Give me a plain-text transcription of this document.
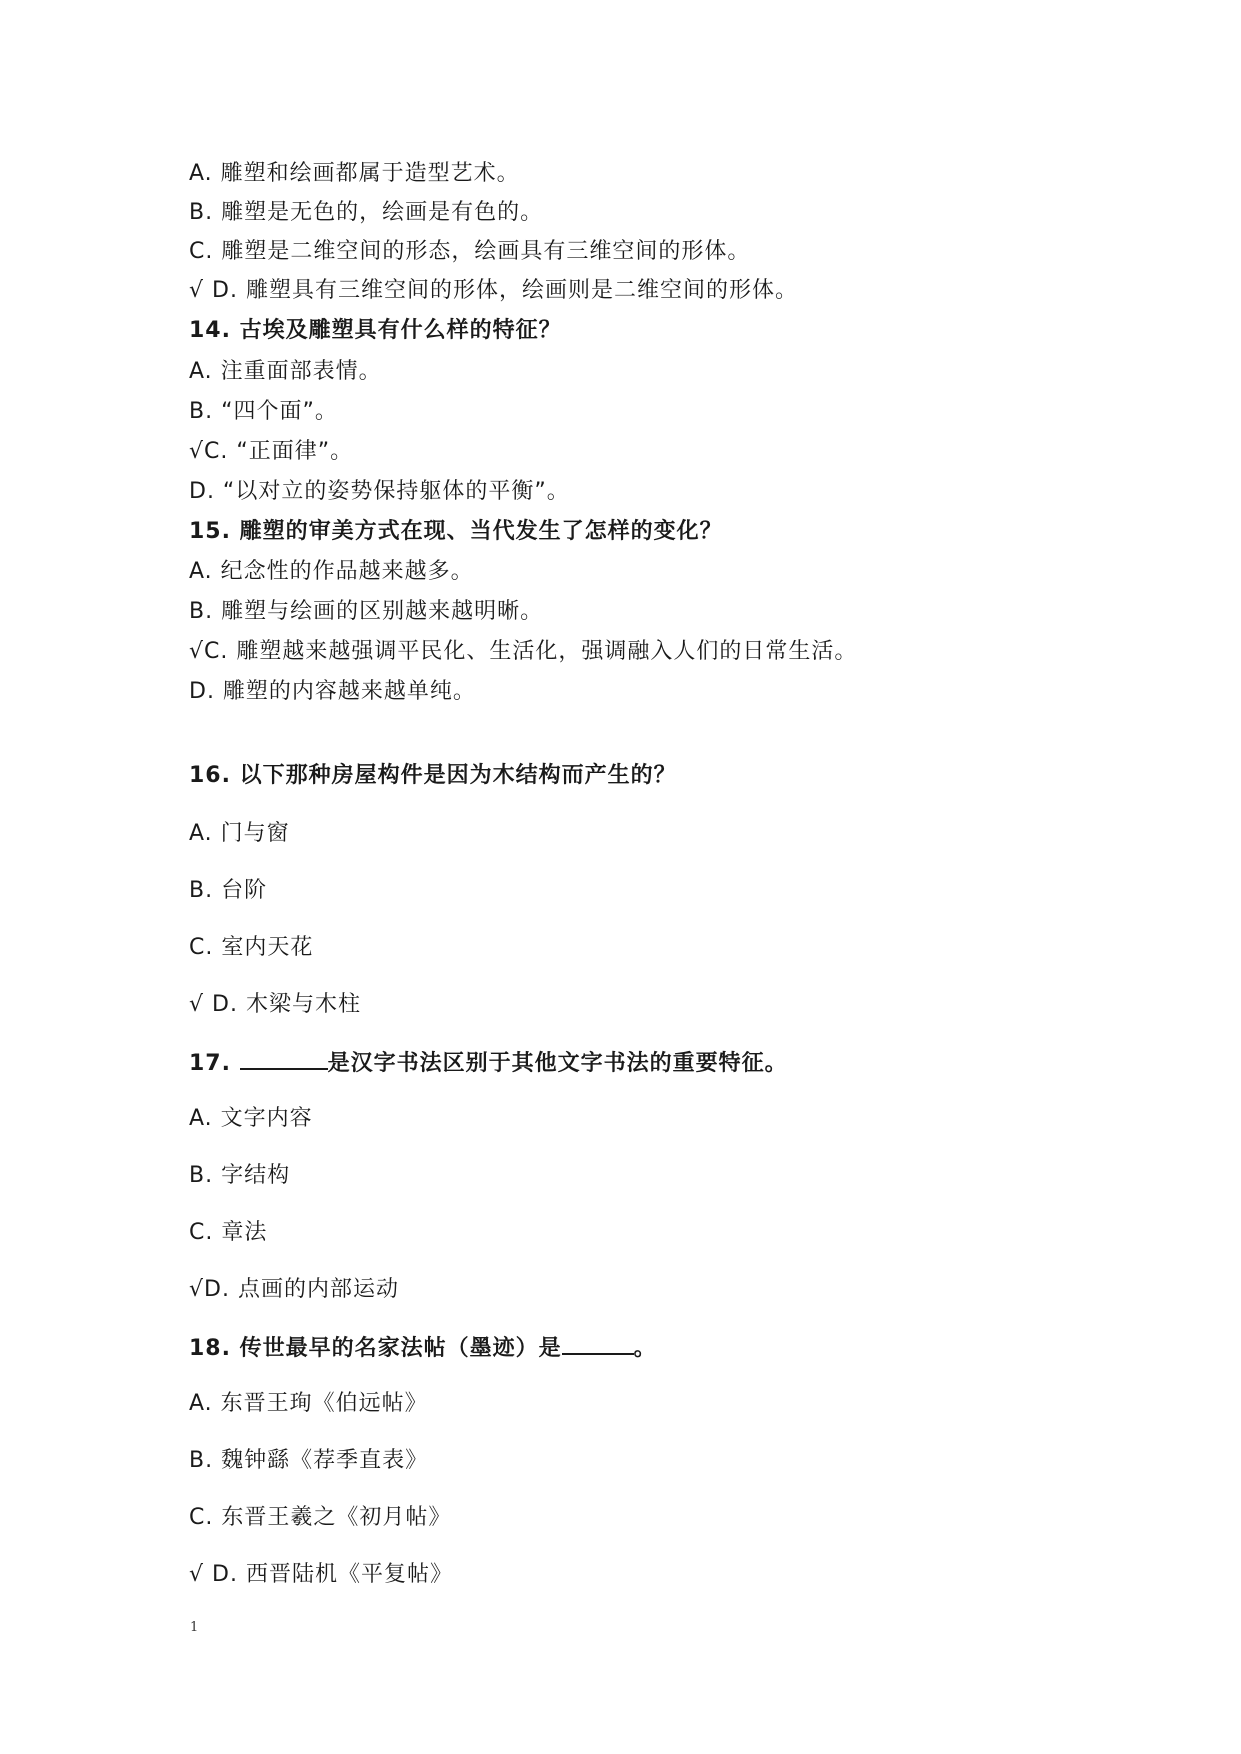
A. 雕塑和绘画都属于造型艺术。
B. 雕塑是无色的，绘画是有色的。
C. 雕塑是二维空间的形态，绘画具有三维空间的形体。
√ D. 雕塑具有三维空间的形体，绘画则是二维空间的形体。
14. 古埃及雕塑具有什么样的特征？
A. 注重面部表情。
B. “四个面”。
√C. “正面律”。
D. “以对立的姿势保持躯体的平衡”。
15. 雕塑的审美方式在现、当代发生了怎样的变化？
A. 纪念性的作品越来越多。
B. 雕塑与绘画的区别越来越明晰。
√C. 雕塑越来越强调平民化、生活化，强调融入人们的日常生活。
D. 雕塑的内容越来越单纯。
16. 以下那种房屋构件是因为木结构而产生的？
A. 门与窗
B. 台阶
C. 室内天花
√ D. 木梁与木柱
17.	是汉字书法区别于其他文字书法的重要特征。
A. 文字内容
B. 字结构
C. 章法
√D. 点画的内部运动
18. 传世最早的名家法帖（墨迹）是	。
A. 东晋王珣《伯远帖》
B. 魏钟繇《荐季直表》
C. 东晋王羲之《初月帖》
√ D. 西晋陆机《平复帖》
1
